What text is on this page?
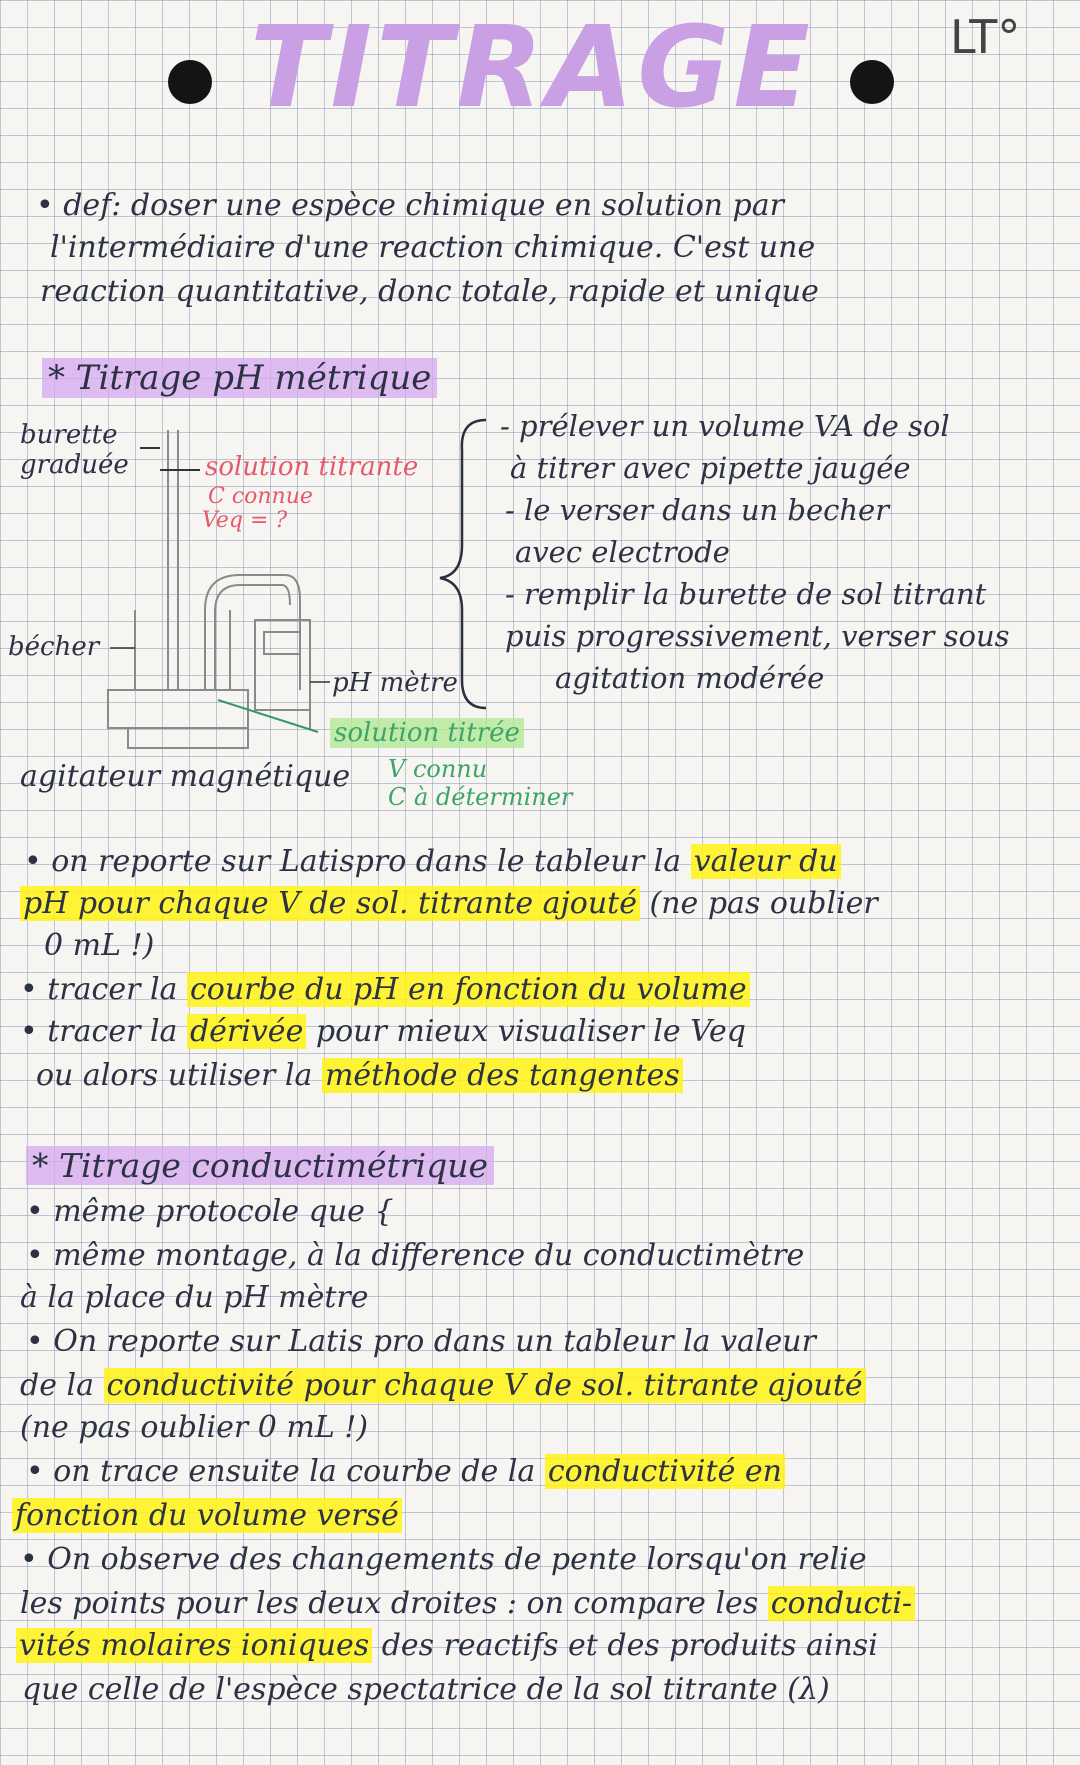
TITRAGE	LT°
• def: doser une espèce chimique en solution par
l'intermédiaire d'une reaction chimique. C'est une
reaction quantitative, donc totale, rapide et unique
* Titrage pH métrique
burette
graduée	solution titrante
C connue
Veq = ?
bécher
pH mètre
solution titrée
V connu
C à déterminer
agitateur magnétique
- prélever un volume VA de sol
à titrer avec pipette jaugée
- le verser dans un becher
avec electrode
- remplir la burette de sol titrant
puis progressivement, verser sous
agitation modérée
• on reporte sur Latispro dans le tableur la valeur du
pH pour chaque V de sol. titrante ajouté (ne pas oublier
0 mL !)
• tracer la courbe du pH en fonction du volume
• tracer la dérivée pour mieux visualiser le Veq
ou alors utiliser la méthode des tangentes
* Titrage conductimétrique
• même protocole que {
• même montage, à la difference du conductimètre
à la place du pH mètre
• On reporte sur Latis pro dans un tableur la valeur
de la conductivité pour chaque V de sol. titrante ajouté
(ne pas oublier 0 mL !)
• on trace ensuite la courbe de la conductivité en
fonction du volume versé
• On observe des changements de pente lorsqu'on relie
les points pour les deux droites : on compare les conducti-
vités molaires ioniques des reactifs et des produits ainsi
que celle de l'espèce spectatrice de la sol titrante (λ)
